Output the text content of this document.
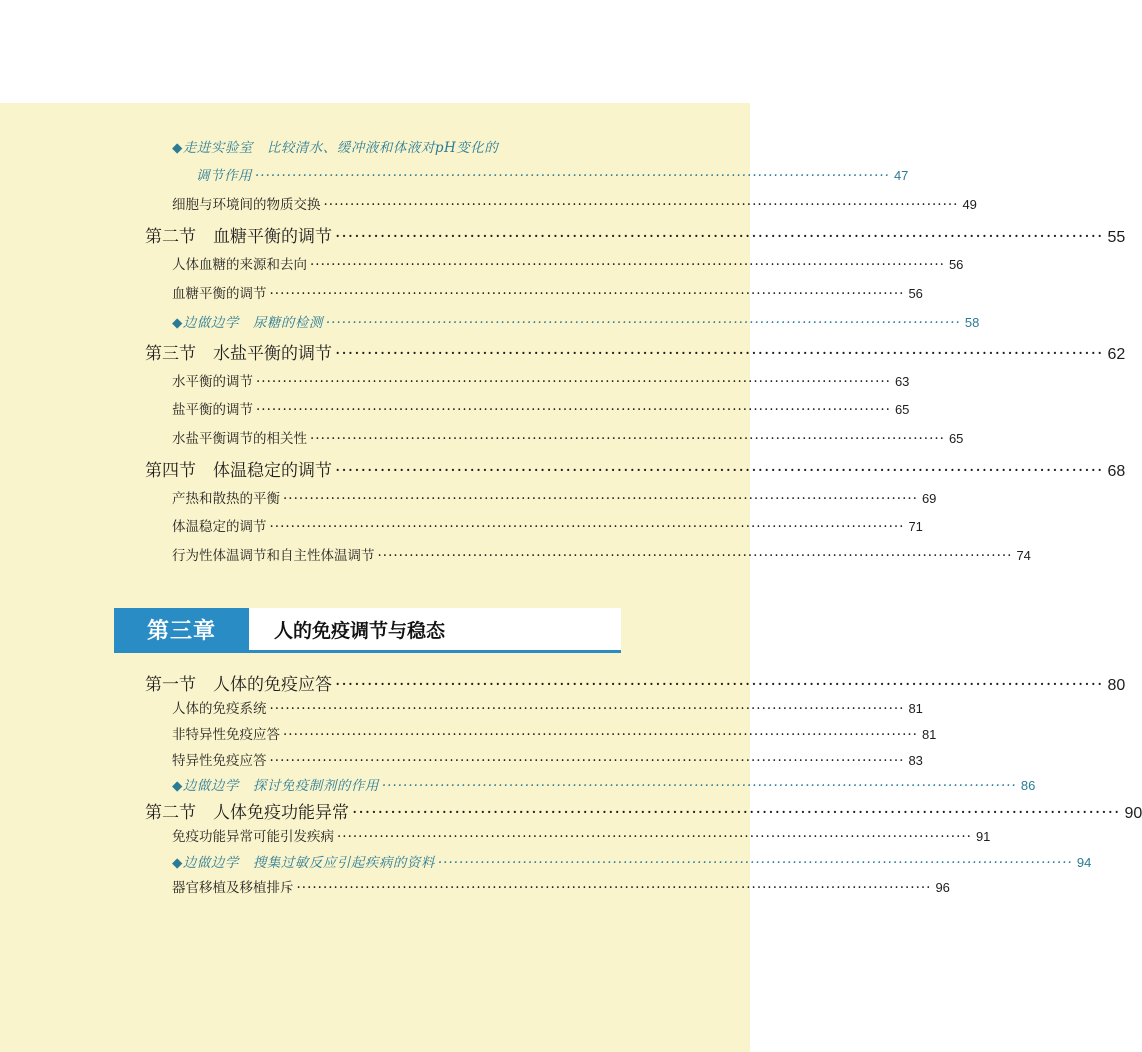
◆走进实验室　比较清水、缓冲液和体液对pH变化的
调节作用 ························································································································ 47
细胞与环境间的物质交换 ························································································································ 49
第二节　血糖平衡的调节 ························································································································ 55
人体血糖的来源和去向 ························································································································ 56
血糖平衡的调节 ························································································································ 56
◆边做边学　尿糖的检测 ························································································································ 58
第三节　水盐平衡的调节 ························································································································ 62
水平衡的调节 ························································································································ 63
盐平衡的调节 ························································································································ 65
水盐平衡调节的相关性 ························································································································ 65
第四节　体温稳定的调节 ························································································································ 68
产热和散热的平衡 ························································································································ 69
体温稳定的调节 ························································································································ 71
行为性体温调节和自主性体温调节 ························································································································ 74
第三章	人的免疫调节与稳态
第一节　人体的免疫应答 ························································································································ 80
人体的免疫系统 ························································································································ 81
非特异性免疫应答 ························································································································ 81
特异性免疫应答 ························································································································ 83
◆边做边学　探讨免疫制剂的作用 ························································································································ 86
第二节　人体免疫功能异常 ························································································································ 90
免疫功能异常可能引发疾病 ························································································································ 91
◆边做边学　搜集过敏反应引起疾病的资料 ························································································································ 94
器官移植及移植排斥 ························································································································ 96
